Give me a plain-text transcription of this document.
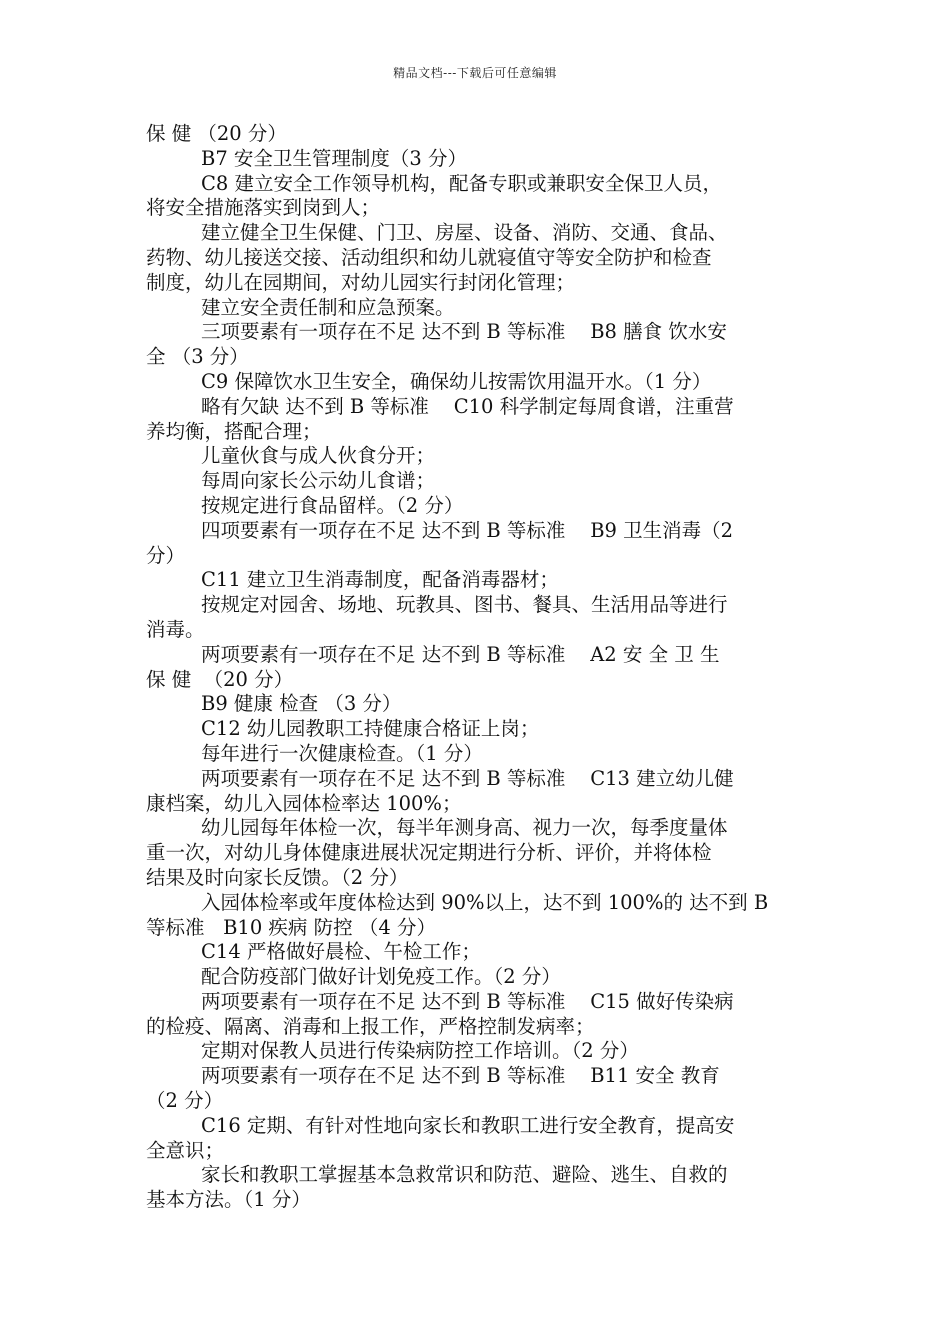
精品文档---下载后可任意编辑
保 健 （20 分）
B7 安全卫生管理制度（3 分）
C8 建立安全工作领导机构，配备专职或兼职安全保卫人员，
将安全措施落实到岗到人；
建立健全卫生保健、门卫、房屋、设备、消防、交通、食品、
药物、幼儿接送交接、活动组织和幼儿就寝值守等安全防护和检查
制度，幼儿在园期间，对幼儿园实行封闭化管理；
建立安全责任制和应急预案。
三项要素有一项存在不足 达不到 B 等标准    B8 膳食 饮水安
全 （3 分）
C9 保障饮水卫生安全，确保幼儿按需饮用温开水。（1 分）
略有欠缺 达不到 B 等标准    C10 科学制定每周食谱，注重营
养均衡，搭配合理；
儿童伙食与成人伙食分开；
每周向家长公示幼儿食谱；
按规定进行食品留样。（2 分）
四项要素有一项存在不足 达不到 B 等标准    B9 卫生消毒（2
分）
C11 建立卫生消毒制度，配备消毒器材；
按规定对园舍、场地、玩教具、图书、餐具、生活用品等进行
消毒。
两项要素有一项存在不足 达不到 B 等标准    A2 安 全 卫 生
保 健  （20 分）
B9 健康 检查 （3 分）
C12 幼儿园教职工持健康合格证上岗；
每年进行一次健康检查。（1 分）
两项要素有一项存在不足 达不到 B 等标准    C13 建立幼儿健
康档案，幼儿入园体检率达 100%；
幼儿园每年体检一次，每半年测身高、视力一次，每季度量体
重一次，对幼儿身体健康进展状况定期进行分析、评价，并将体检
结果及时向家长反馈。（2 分）
入园体检率或年度体检达到 90%以上，达不到 100%的 达不到 B
等标准   B10 疾病 防控 （4 分）
C14 严格做好晨检、午检工作；
配合防疫部门做好计划免疫工作。（2 分）
两项要素有一项存在不足 达不到 B 等标准    C15 做好传染病
的检疫、隔离、消毒和上报工作，严格控制发病率；
定期对保教人员进行传染病防控工作培训。（2 分）
两项要素有一项存在不足 达不到 B 等标准    B11 安全 教育
（2 分）
C16 定期、有针对性地向家长和教职工进行安全教育，提高安
全意识；
家长和教职工掌握基本急救常识和防范、避险、逃生、自救的
基本方法。（1 分）
